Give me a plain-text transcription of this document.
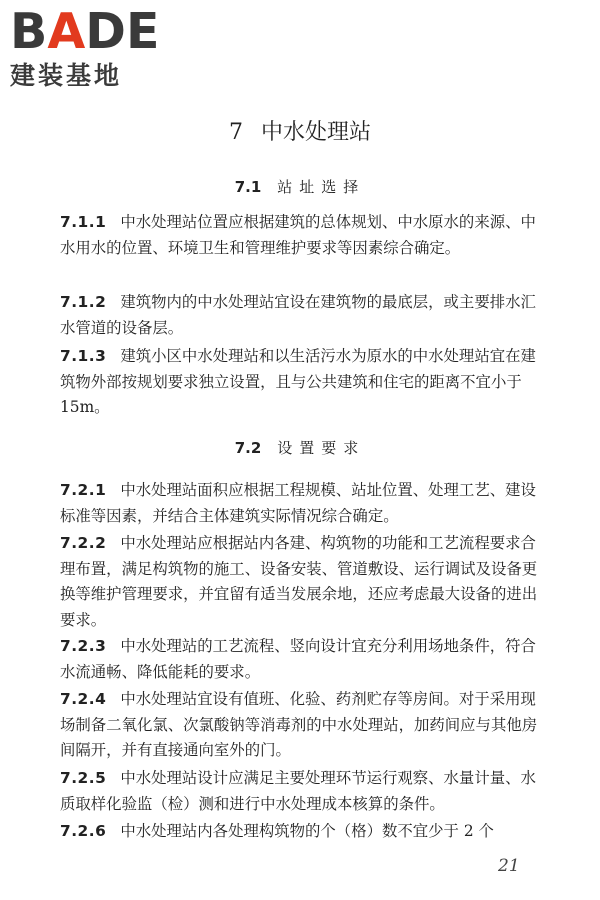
BADE
建装基地
7 中水处理站
7.1 站址选择
7.1.1 中水处理站位置应根据建筑的总体规划、中水原水的来源、中水用水的位置、环境卫生和管理维护要求等因素综合确定。
7.1.2 建筑物内的中水处理站宜设在建筑物的最底层，或主要排水汇水管道的设备层。
7.1.3 建筑小区中水处理站和以生活污水为原水的中水处理站宜在建筑物外部按规划要求独立设置，且与公共建筑和住宅的距离不宜小于 15m。
7.2 设置要求
7.2.1 中水处理站面积应根据工程规模、站址位置、处理工艺、建设标准等因素，并结合主体建筑实际情况综合确定。
7.2.2 中水处理站应根据站内各建、构筑物的功能和工艺流程要求合理布置，满足构筑物的施工、设备安装、管道敷设、运行调试及设备更换等维护管理要求，并宜留有适当发展余地，还应考虑最大设备的进出要求。
7.2.3 中水处理站的工艺流程、竖向设计宜充分利用场地条件，符合水流通畅、降低能耗的要求。
7.2.4 中水处理站宜设有值班、化验、药剂贮存等房间。对于采用现场制备二氧化氯、次氯酸钠等消毒剂的中水处理站，加药间应与其他房间隔开，并有直接通向室外的门。
7.2.5 中水处理站设计应满足主要处理环节运行观察、水量计量、水质取样化验监（检）测和进行中水处理成本核算的条件。
7.2.6 中水处理站内各处理构筑物的个（格）数不宜少于 2 个
21
